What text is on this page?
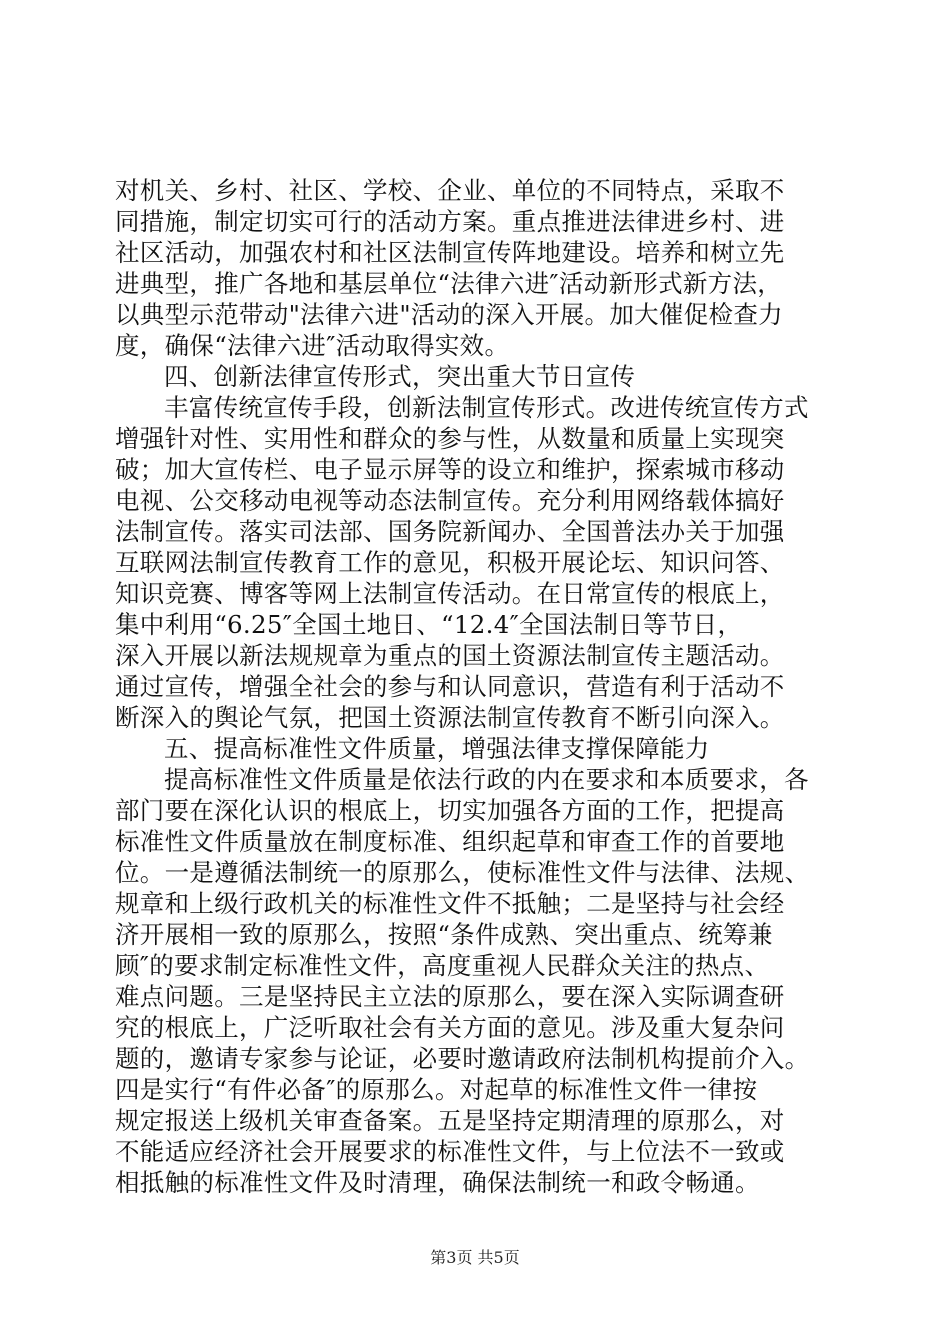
对机关、乡村、社区、学校、企业、单位的不同特点，采取不
同措施，制定切实可行的活动方案。重点推进法律进乡村、进
社区活动，加强农村和社区法制宣传阵地建设。培养和树立先
进典型，推广各地和基层单位“法律六进″活动新形式新方法，
以典型示范带动"法律六进"活动的深入开展。加大催促检查力
度，确保“法律六进″活动取得实效。
四、创新法律宣传形式，突出重大节日宣传
丰富传统宣传手段，创新法制宣传形式。改进传统宣传方式
增强针对性、实用性和群众的参与性，从数量和质量上实现突
破；加大宣传栏、电子显示屏等的设立和维护，探索城市移动
电视、公交移动电视等动态法制宣传。充分利用网络载体搞好
法制宣传。落实司法部、国务院新闻办、全国普法办关于加强
互联网法制宣传教育工作的意见，积极开展论坛、知识问答、
知识竞赛、博客等网上法制宣传活动。在日常宣传的根底上，
集中利用“6.25″全国土地日、“12.4″全国法制日等节日，
深入开展以新法规规章为重点的国土资源法制宣传主题活动。
通过宣传，增强全社会的参与和认同意识，营造有利于活动不
断深入的舆论气氛，把国土资源法制宣传教育不断引向深入。
五、提高标准性文件质量，增强法律支撑保障能力
提高标准性文件质量是依法行政的内在要求和本质要求，各
部门要在深化认识的根底上，切实加强各方面的工作，把提高
标准性文件质量放在制度标准、组织起草和审查工作的首要地
位。一是遵循法制统一的原那么，使标准性文件与法律、法规、
规章和上级行政机关的标准性文件不抵触；二是坚持与社会经
济开展相一致的原那么，按照“条件成熟、突出重点、统筹兼
顾″的要求制定标准性文件，高度重视人民群众关注的热点、
难点问题。三是坚持民主立法的原那么，要在深入实际调查研
究的根底上，广泛听取社会有关方面的意见。涉及重大复杂问
题的，邀请专家参与论证，必要时邀请政府法制机构提前介入。
四是实行“有件必备″的原那么。对起草的标准性文件一律按
规定报送上级机关审查备案。五是坚持定期清理的原那么，对
不能适应经济社会开展要求的标准性文件，与上位法不一致或
相抵触的标准性文件及时清理，确保法制统一和政令畅通。
第3页 共5页
